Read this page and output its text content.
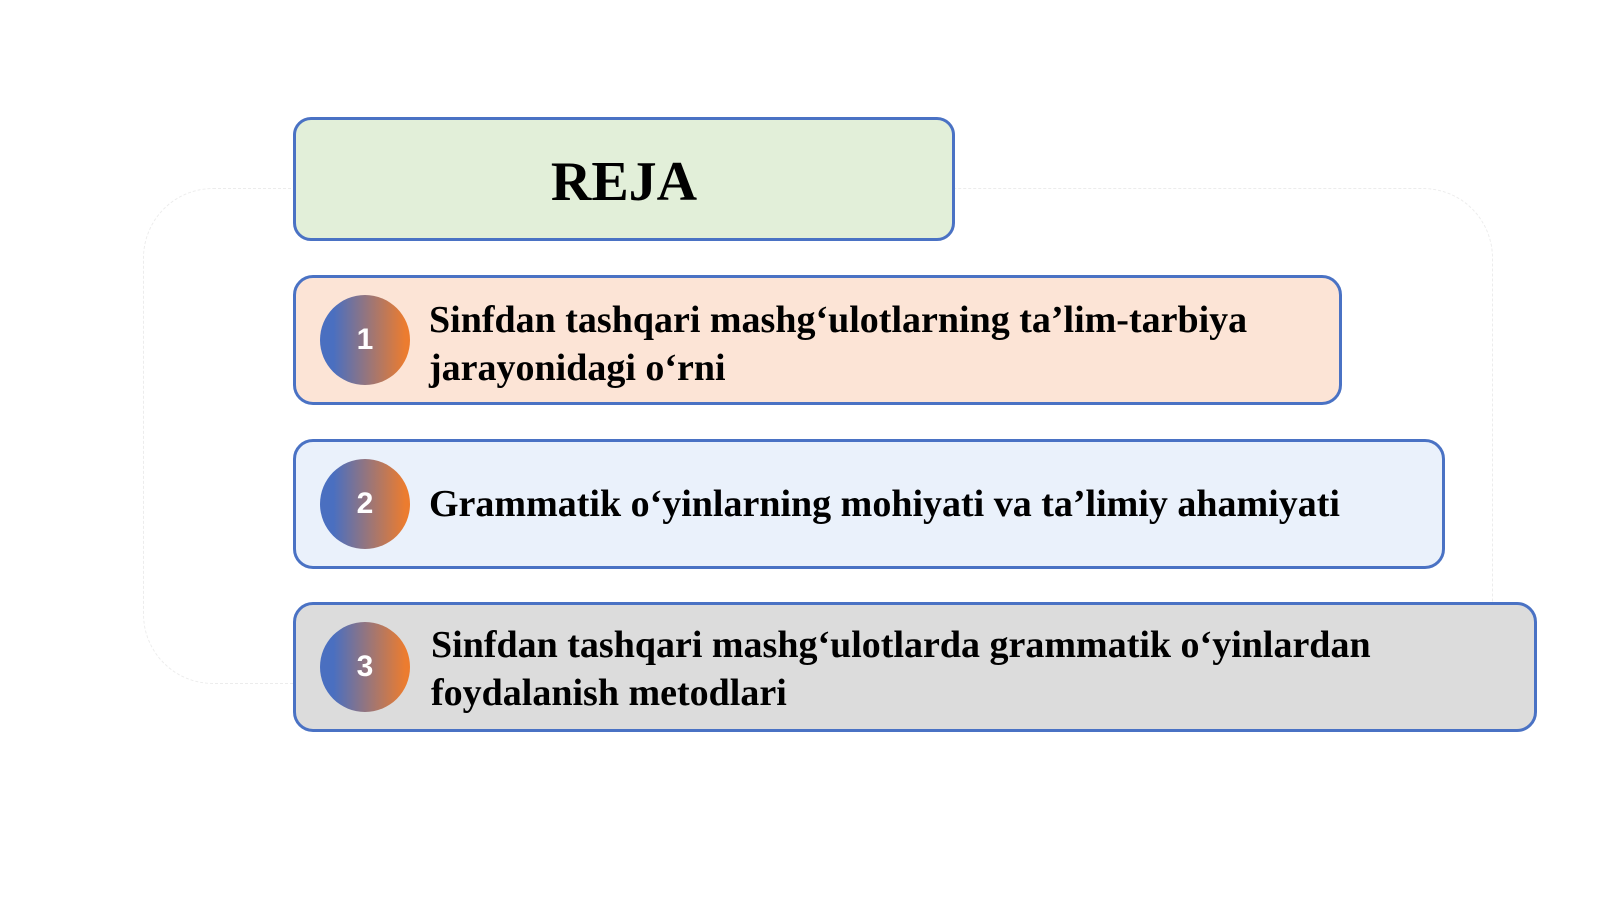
REJA
1 Sinfdan tashqari mashg‘ulotlarning ta’lim-tarbiya jarayonidagi o‘rni
2 Grammatik o‘yinlarning mohiyati va ta’limiy ahamiyati
3
Sinfdan tashqari mashg‘ulotlarda grammatik o‘yinlardan foydalanish metodlari
